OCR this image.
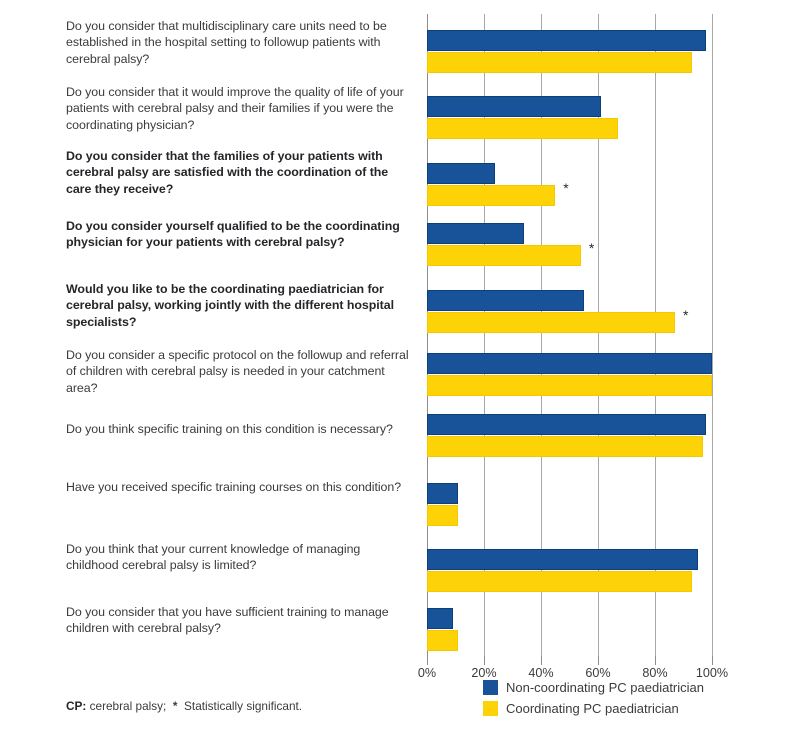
Do you consider that multidisciplinary care units need to be established in the hospital setting to followup patients with cerebral palsy?
Do you consider that it would improve the quality of life of your patients with cerebral palsy and their families if you were the coordinating physician?
Do you consider that the families of your patients with cerebral palsy are satisfied with the coordination of the care they receive?
Do you consider yourself qualified to be the coordinating physician for your patients with cerebral palsy?
Would you like to be the coordinating paediatrician for cerebral palsy, working jointly with the different hospital specialists?
Do you consider a specific protocol on the followup and referral of children with cerebral palsy is needed in your catchment area?
Do you think specific training on this condition is necessary?
Have you received specific training courses on this condition?
Do you think that your current knowledge of managing childhood cerebral palsy is limited?
Do you consider that you have sufficient training to manage children with cerebral palsy?
*
*
*
0%	20%	40%	60%	80% 100%
Non-coordinating PC paediatrician
Coordinating PC paediatrician
CP: cerebral palsy; * Statistically significant.
